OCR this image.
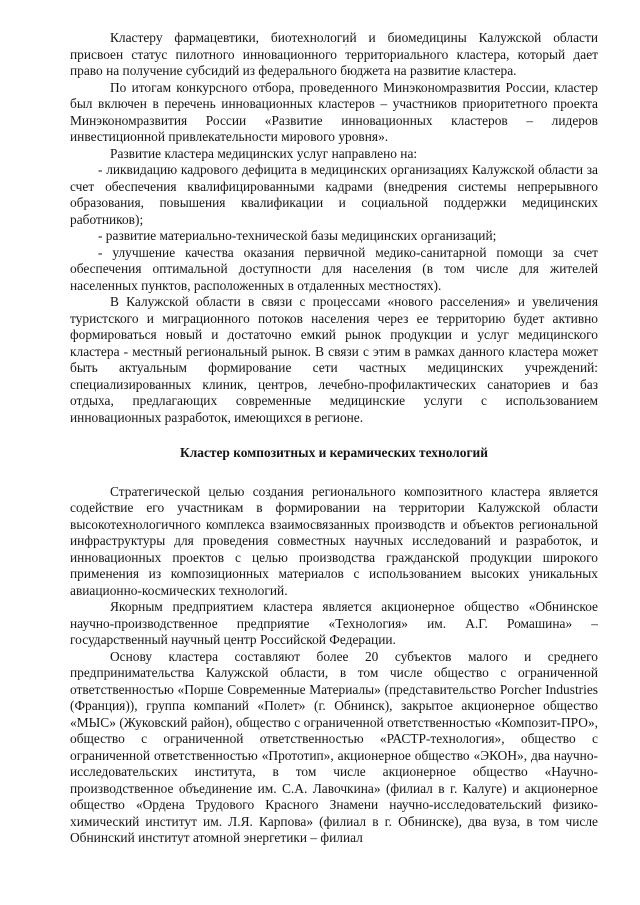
Кластеру фармацевтики, биотехнологий и биомедицины Калужской области присвоен статус пилотного инновационного территориального кластера, который дает право на получение субсидий из федерального бюджета на развитие кластера.

По итогам конкурсного отбора, проведенного Минэкономразвития России, кластер был включен в перечень инновационных кластеров – участников приоритетного проекта Минэкономразвития России «Развитие инновационных кластеров – лидеров инвестиционной привлекательности мирового уровня».

Развитие кластера медицинских услуг направлено на:

- ликвидацию кадрового дефицита в медицинских организациях Калужской области за счет обеспечения квалифицированными кадрами (внедрения системы непрерывного образования, повышения квалификации и социальной поддержки медицинских работников);

- развитие материально-технической базы медицинских организаций;

- улучшение качества оказания первичной медико-санитарной помощи за счет обеспечения оптимальной доступности для населения (в том числе для жителей населенных пунктов, расположенных в отдаленных местностях).

В Калужской области в связи с процессами «нового расселения» и увеличения туристского и миграционного потоков населения через ее территорию будет активно формироваться новый и достаточно емкий рынок продукции и услуг медицинского кластера - местный региональный рынок. В связи с этим в рамках данного кластера может быть актуальным формирование сети частных медицинских учреждений: специализированных клиник, центров, лечебно-профилактических санаториев и баз отдыха, предлагающих современные медицинские услуги с использованием инновационных разработок, имеющихся в регионе.

Кластер композитных и керамических технологий

Стратегической целью создания регионального композитного кластера является содействие его участникам в формировании на территории Калужской области высокотехнологичного комплекса взаимосвязанных производств и объектов региональной инфраструктуры для проведения совместных научных исследований и разработок, и инновационных проектов с целью производства гражданской продукции широкого применения из композиционных материалов с использованием высоких уникальных авиационно-космических технологий.

Якорным предприятием кластера является акционерное общество «Обнинское научно-производственное предприятие «Технология» им. А.Г. Ромашина» – государственный научный центр Российской Федерации.

Основу кластера составляют более 20 субъектов малого и среднего предпринимательства Калужской области, в том числе общество с ограниченной ответственностью «Порше Современные Материалы» (представительство Porcher Industries (Франция)), группа компаний «Полет» (г. Обнинск), закрытое акционерное общество «МЫС» (Жуковский район), общество с ограниченной ответственностью «Композит-ПРО», общество с ограниченной ответственностью «РАСТР-технология», общество с ограниченной ответственностью «Прототип», акционерное общество «ЭКОН», два научно-исследовательских института, в том числе акционерное общество «Научно-производственное объединение им. С.А. Лавочкина» (филиал в г. Калуге) и акционерное общество «Ордена Трудового Красного Знамени научно-исследовательский физико-химический институт им. Л.Я. Карпова» (филиал в г. Обнинске), два вуза, в том числе Обнинский институт атомной энергетики – филиал
